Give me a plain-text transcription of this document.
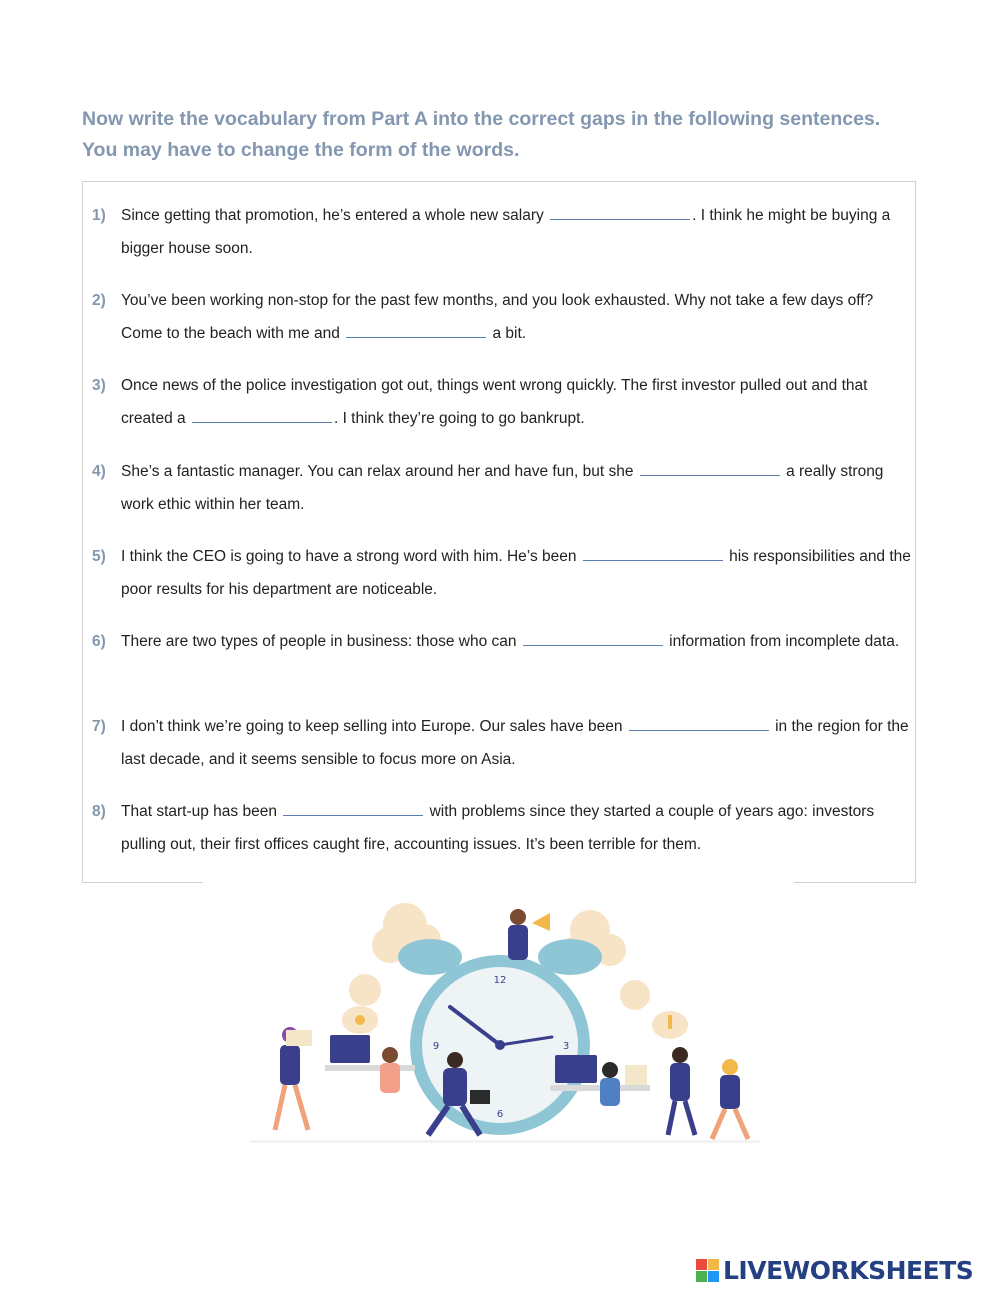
Now write the vocabulary from Part A into the correct gaps in the following sentences.

You may have to change the form of the words.

1) Since getting that promotion, he’s entered a whole new salary	. I think he might be buying a bigger house soon.
2) You’ve been working non-stop for the past few months, and you look exhausted. Why not take a few days off? Come to the beach with me and	a bit.
3) Once news of the police investigation got out, things went wrong quickly. The first investor pulled out and that created a	. I think they’re going to go bankrupt.
4) She’s a fantastic manager. You can relax around her and have fun, but she	a really strong work ethic within her team.
5) I think the CEO is going to have a strong word with him. He’s been	his responsibilities and the poor results for his department are noticeable.
6) There are two types of people in business: those who can	information from incomplete data.
7) I don’t think we’re going to keep selling into Europe. Our sales have been	in the region for the last decade, and it seems sensible to focus more on Asia.
8) That start-up has been	with problems since they started a couple of years ago: investors pulling out, their first offices caught fire, accounting issues. It’s been terrible for them.
12
3
6
9
LIVEWORKSHEETS
